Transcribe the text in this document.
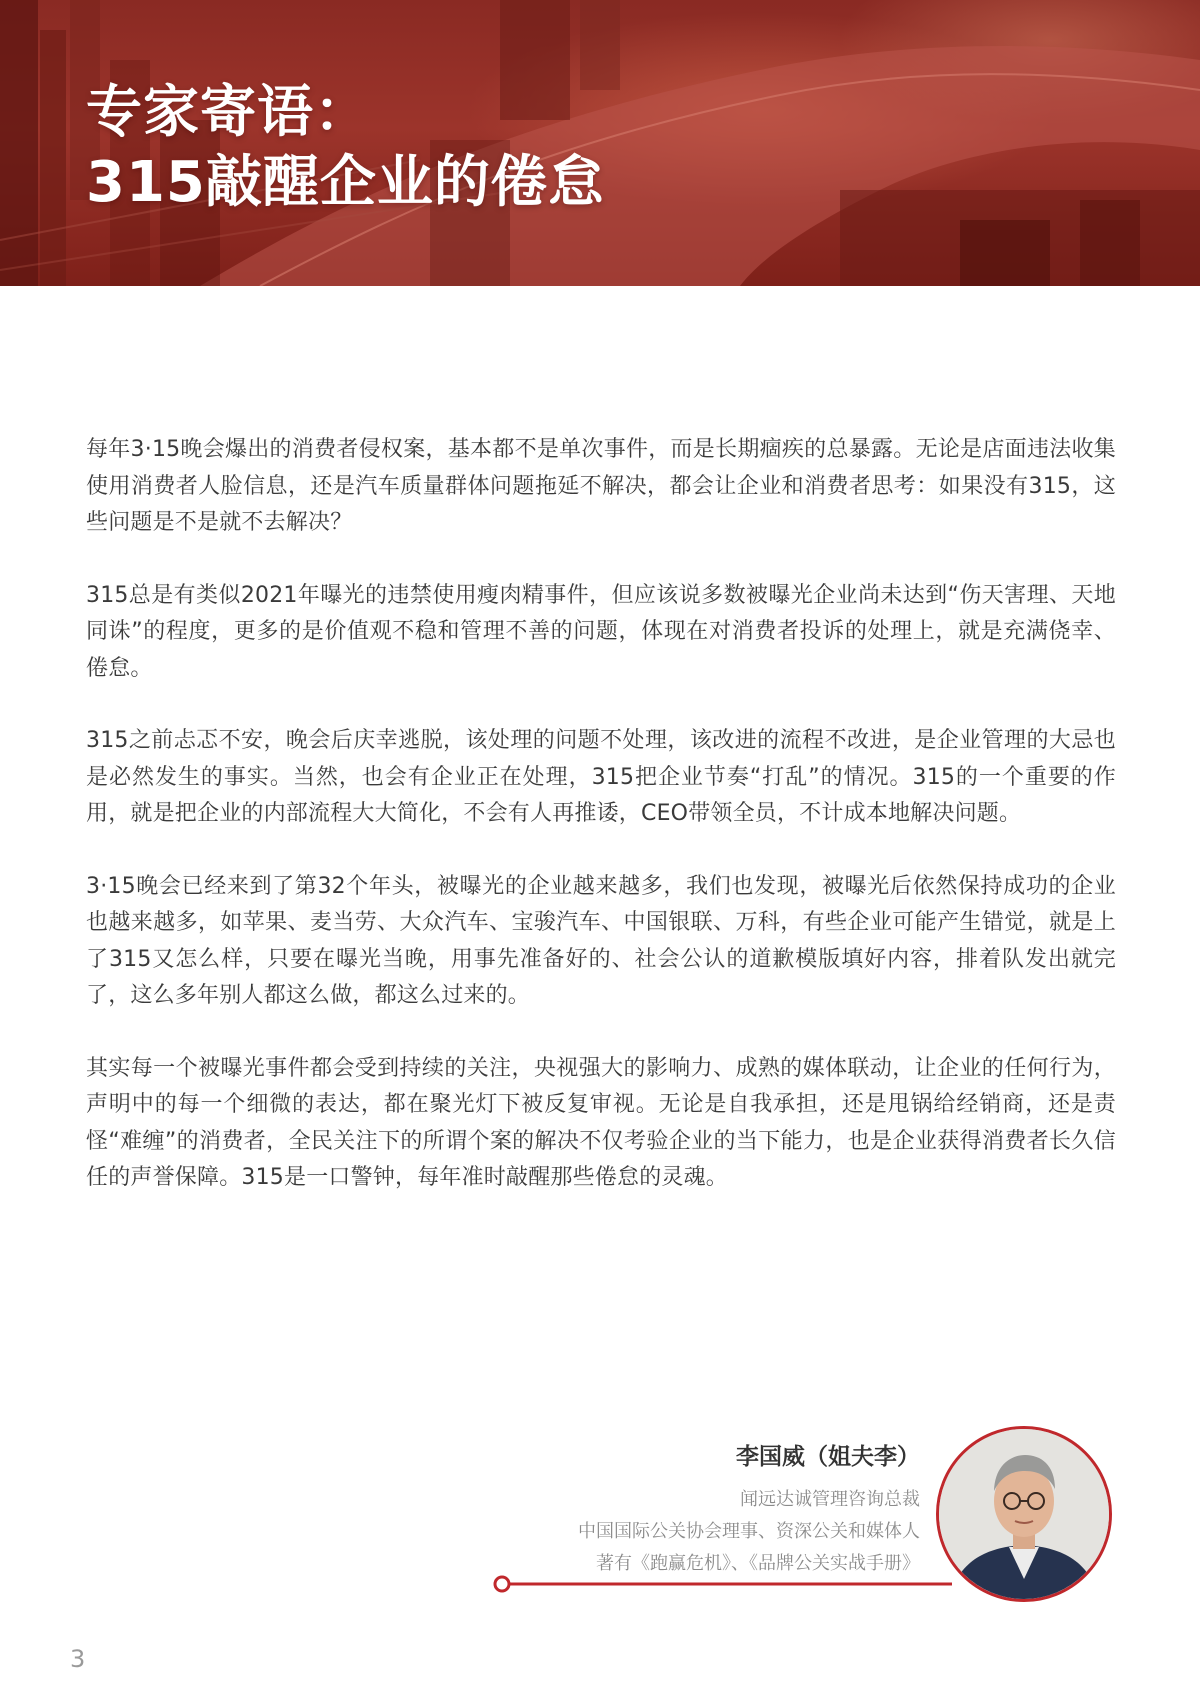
专家寄语：
315敲醒企业的倦怠

每年3·15晚会爆出的消费者侵权案，基本都不是单次事件，而是长期痼疾的总暴露。无论是店面违法收集使用消费者人脸信息，还是汽车质量群体问题拖延不解决，都会让企业和消费者思考：如果没有315，这些问题是不是就不去解决？

315总是有类似2021年曝光的违禁使用瘦肉精事件，但应该说多数被曝光企业尚未达到“伤天害理、天地同诛”的程度，更多的是价值观不稳和管理不善的问题，体现在对消费者投诉的处理上，就是充满侥幸、倦怠。

315之前忐忑不安，晚会后庆幸逃脱，该处理的问题不处理，该改进的流程不改进，是企业管理的大忌也是必然发生的事实。当然，也会有企业正在处理，315把企业节奏“打乱”的情况。315的一个重要的作用，就是把企业的内部流程大大简化，不会有人再推诿，CEO带领全员，不计成本地解决问题。

3·15晚会已经来到了第32个年头，被曝光的企业越来越多，我们也发现，被曝光后依然保持成功的企业也越来越多，如苹果、麦当劳、大众汽车、宝骏汽车、中国银联、万科，有些企业可能产生错觉，就是上了315又怎么样，只要在曝光当晚，用事先准备好的、社会公认的道歉模版填好内容，排着队发出就完了，这么多年别人都这么做，都这么过来的。

其实每一个被曝光事件都会受到持续的关注，央视强大的影响力、成熟的媒体联动，让企业的任何行为，声明中的每一个细微的表达，都在聚光灯下被反复审视。无论是自我承担，还是甩锅给经销商，还是责怪“难缠”的消费者，全民关注下的所谓个案的解决不仅考验企业的当下能力，也是企业获得消费者长久信任的声誉保障。315是一口警钟，每年准时敲醒那些倦怠的灵魂。

李国威（姐夫李）
闻远达诚管理咨询总裁
中国国际公关协会理事、资深公关和媒体人
著有《跑赢危机》、《品牌公关实战手册》
3
